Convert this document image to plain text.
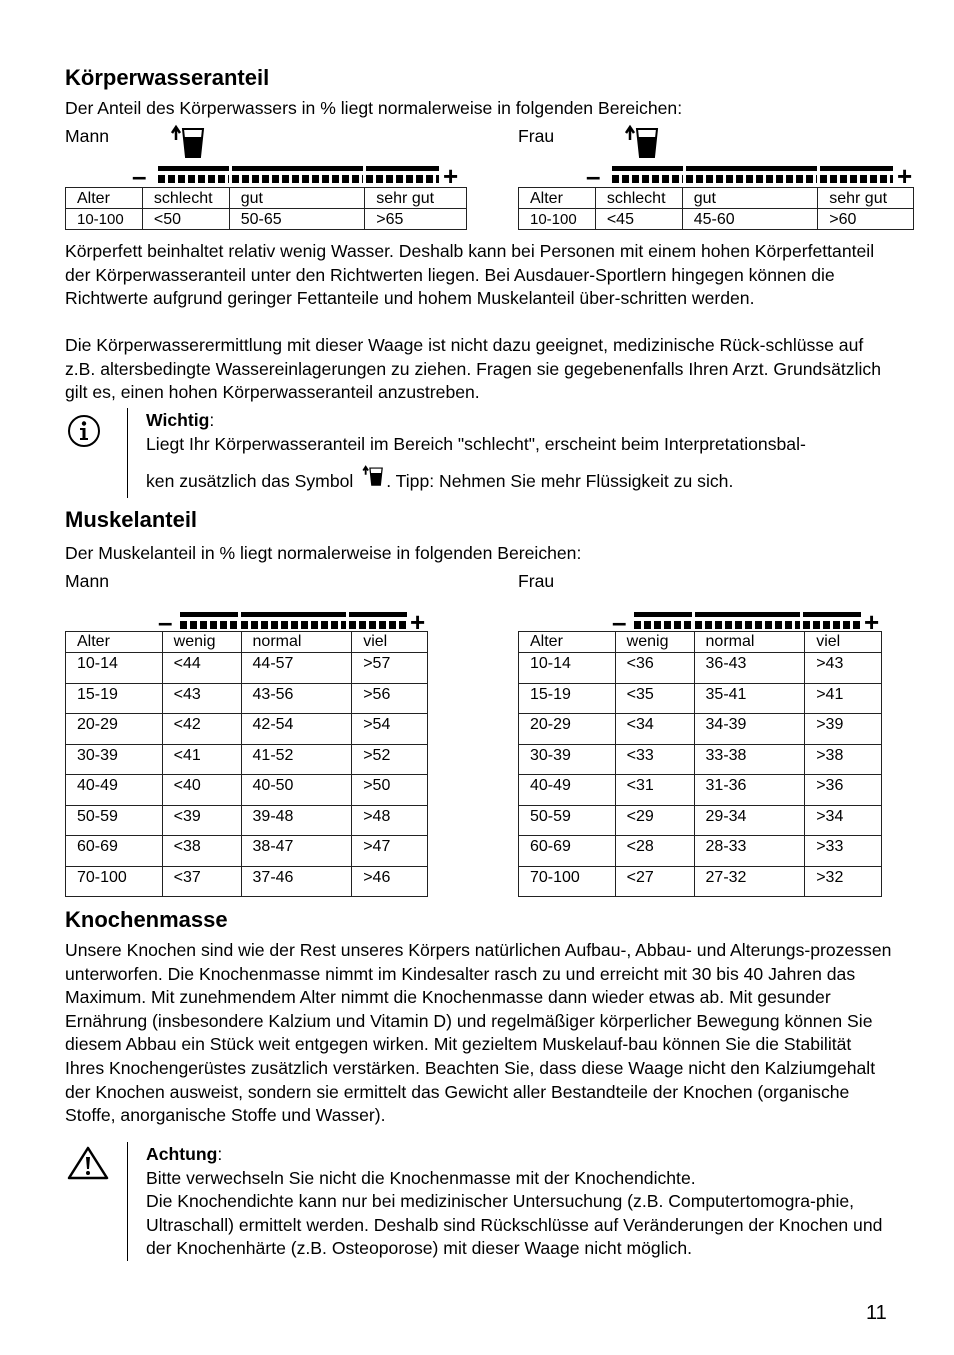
Körperwasseranteil
Der Anteil des Körperwassers in % liegt normalerweise in folgenden Bereichen:
Mann	Frau
–	+	–	+
Alter	schlecht	gut	sehr gut
10-100	<50	50-65	>65
Alter	schlecht	gut	sehr gut
10-100	<45	45-60	>60
Körperfett beinhaltet relativ wenig Wasser. Deshalb kann bei Personen mit einem hohen Körperfettanteil der Körperwasseranteil unter den Richtwerten liegen. Bei Ausdauer-Sportlern hingegen können die Richtwerte aufgrund geringer Fettanteile und hohem Muskelanteil über-schritten werden.
Die Körperwasserermittlung mit dieser Waage ist nicht dazu geeignet, medizinische Rück-schlüsse auf z.B. altersbedingte Wassereinlagerungen zu ziehen. Fragen sie gegebenenfalls Ihren Arzt. Grundsätzlich gilt es, einen hohen Körperwasseranteil anzustreben.

Wichtig:

Liegt Ihr Körperwasseranteil im Bereich "schlecht", erscheint beim Interpretationsbal-

ken zusätzlich das Symbol . Tipp: Nehmen Sie mehr Flüssigkeit zu sich.

Muskelanteil
Der Muskelanteil in % liegt normalerweise in folgenden Bereichen:
Mann	Frau
–	+	–	+
Alter	wenig	normal	viel
10-14	<44	44-57	>57
15-19	<43	43-56	>56
20-29	<42	42-54	>54
30-39	<41	41-52	>52
40-49	<40	40-50	>50
50-59	<39	39-48	>48
60-69	<38	38-47	>47
70-100	<37	37-46	>46
Alter	wenig	normal	viel
10-14	<36	36-43	>43
15-19	<35	35-41	>41
20-29	<34	34-39	>39
30-39	<33	33-38	>38
40-49	<31	31-36	>36
50-59	<29	29-34	>34
60-69	<28	28-33	>33
70-100	<27	27-32	>32
Knochenmasse
Unsere Knochen sind wie der Rest unseres Körpers natürlichen Aufbau-, Abbau- und Alterungs-prozessen unterworfen. Die Knochenmasse nimmt im Kindesalter rasch zu und erreicht mit 30 bis 40 Jahren das Maximum. Mit zunehmendem Alter nimmt die Knochenmasse dann wieder etwas ab. Mit gesunder Ernährung (insbesondere Kalzium und Vitamin D) und regelmäßiger körperlicher Bewegung können Sie diesem Abbau ein Stück weit entgegen wirken. Mit gezieltem Muskelauf-bau können Sie die Stabilität Ihres Knochengerüstes zusätzlich verstärken. Beachten Sie, dass diese Waage nicht den Kalziumgehalt der Knochen ausweist, sondern sie ermittelt das Gewicht aller Bestandteile der Knochen (organische Stoffe, anorganische Stoffe und Wasser).

Achtung:

Bitte verwechseln Sie nicht die Knochenmasse mit der Knochendichte.

Die Knochendichte kann nur bei medizinischer Untersuchung (z.B. Computertomogra-phie, Ultraschall) ermittelt werden. Deshalb sind Rückschlüsse auf Veränderungen der Knochen und der Knochenhärte (z.B. Osteoporose) mit dieser Waage nicht möglich.

11
